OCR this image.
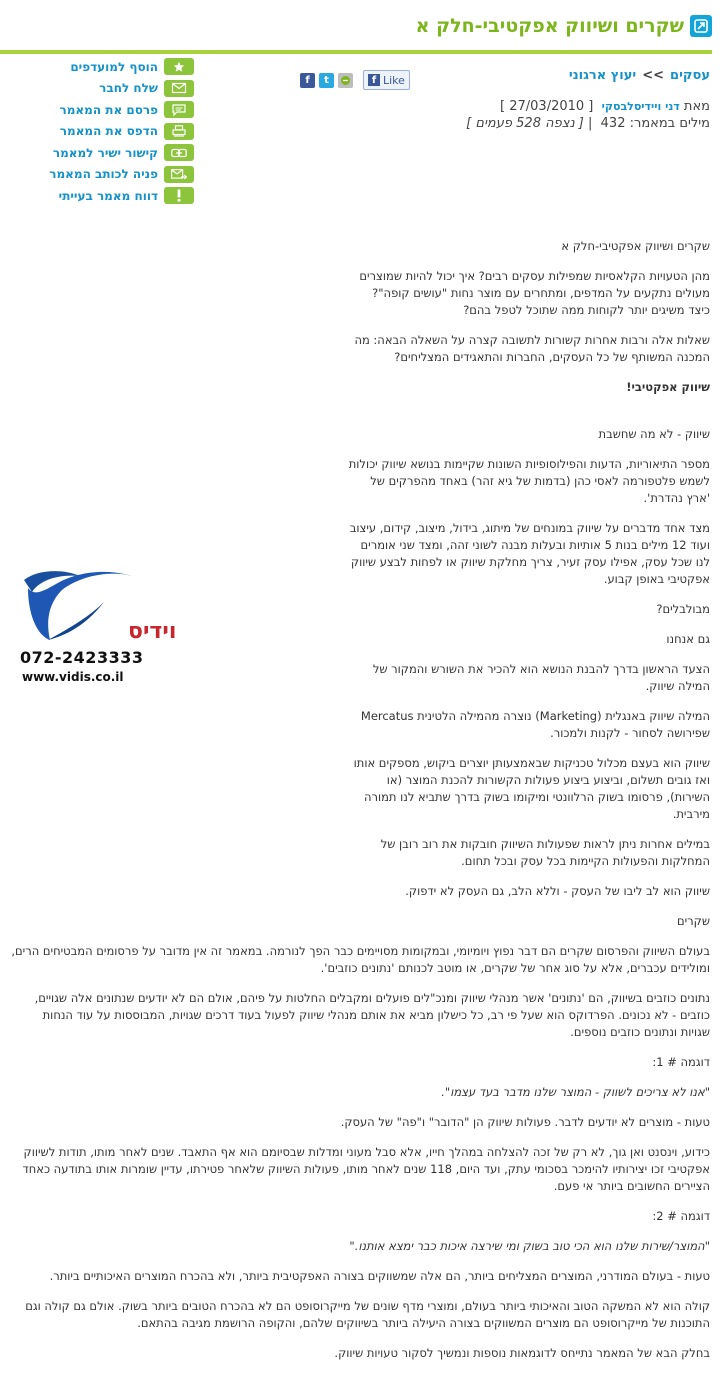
שקרים ושיווק אפקטיבי-חלק א
הוסף למועדפים
שלח לחבר
פרסם את המאמר
הדפס את המאמר
קישור ישיר למאמר
פניה לכותב המאמר
דווח מאמר בעייתי
עסקים>>יעוץ ארגוני
f	t	f Like
מאת דני ויידיסלבסקי  [ 27/03/2010 ]
מילים במאמר: 432  | [ נצפה 528 פעמים ]
וידיס
072-2423333
www.vidis.co.il

שקרים ושיווק אפקטיבי-חלק א

מהן הטעויות הקלאסיות שמפילות עסקים רבים? איך יכול להיות שמוצרים מעולים נתקעים על המדפים, ומתחרים עם מוצר נחות "עושים קופה"? כיצד משיגים יותר לקוחות ממה שתוכל לטפל בהם?

שאלות אלה ורבות אחרות קשורות לתשובה קצרה על השאלה הבאה: מה המכנה המשותף של כל העסקים, החברות והתאגידים המצליחים?

שיווק אפקטיבי!

שיווק - לא מה שחשבת

מספר התיאוריות, הדעות והפילוסופיות השונות שקיימות בנושא שיווק יכולות לשמש פלטפורמה לאסי כהן (בדמות של גיא זהר) באחד מהפרקים של 'ארץ נהדרת'.

מצד אחד מדברים על שיווק במונחים של מיתוג, בידול, מיצוב, קידום, עיצוב ועוד 12 מילים בנות 5 אותיות ובעלות מבנה לשוני זהה, ומצד שני אומרים לנו שכל עסק, אפילו עסק זעיר, צריך מחלקת שיווק או לפחות לבצע שיווק אפקטיבי באופן קבוע.

מבולבלים?

גם אנחנו

הצעד הראשון בדרך להבנת הנושא הוא להכיר את השורש והמקור של המילה שיווק.

המילה שיווק באנגלית (Marketing) נוצרה מהמילה הלטינית Mercatus שפירושה לסחור - לקנות ולמכור.

שיווק הוא בעצם מכלול טכניקות שבאמצעותן יוצרים ביקוש, מספקים אותו ואז גובים תשלום, וביצוע ביצוע פעולות הקשורות להכנת המוצר (או השירות), פרסומו בשוק הרלוונטי ומיקומו בשוק בדרך שתביא לנו תמורה מירבית.

במילים אחרות ניתן לראות שפעולות השיווק חובקות את רוב רובן של המחלקות והפעולות הקיימות בכל עסק ובכל תחום.

שיווק הוא לב ליבו של העסק - וללא הלב, גם העסק לא ידפוק.

שקרים

בעולם השיווק והפרסום שקרים הם דבר נפוץ ויומיומי, ובמקומות מסויימים כבר הפך לנורמה. במאמר זה אין מדובר על פרסומים המבטיחים הרים, ומולידים עכברים, אלא על סוג אחר של שקרים, או מוטב לכנותם 'נתונים כוזבים'.

נתונים כוזבים בשיווק, הם 'נתונים' אשר מנהלי שיווק ומנכ"לים פועלים ומקבלים החלטות על פיהם, אולם הם לא יודעים שנתונים אלה שגויים, כוזבים - לא נכונים. הפרדוקס הוא שעל פי רב, כל כישלון מביא את אותם מנהלי שיווק לפעול בעוד דרכים שגויות, המבוססות על עוד הנחות שגויות ונתונים כוזבים נוספים.

דוגמה # 1:

"אנו לא צריכים לשווק - המוצר שלנו מדבר בעד עצמו".

טעות - מוצרים לא יודעים לדבר. פעולות שיווק הן "הדובר" ו"פה" של העסק.

כידוע, וינסנט ואן גוך, לא רק של זכה להצלחה במהלך חייו, אלא סבל מעוני ומדלות שבסיומם הוא אף התאבד. שנים לאחר מותו, תודות לשיווק אפקטיבי זכו יצירותיו להימכר בסכומי עתק, ועד היום, 118 שנים לאחר מותו, פעולות השיווק שלאחר פטירתו, עדיין שומרות אותו בתודעה כאחד הציירים החשובים ביותר אי פעם.

דוגמה # 2:

"המוצר/שירות שלנו הוא הכי טוב בשוק ומי שירצה איכות כבר ימצא אותנו."

טעות - בעולם המודרני, המוצרים המצליחים ביותר, הם אלה שמשווקים בצורה האפקטיבית ביותר, ולא בהכרח המוצרים האיכותיים ביותר.

קולה הוא לא המשקה הטוב והאיכותי ביותר בעולם, ומוצרי מדף שונים של מייקרוסופט הם לא בהכרח הטובים ביותר בשוק. אולם גם קולה וגם התוכנות של מייקרוסופט הם מוצרים המשווקים בצורה היעילה ביותר בשיווקים שלהם, והקופה הרושמת מגיבה בהתאם.

בחלק הבא של המאמר נתייחס לדוגמאות נוספות ונמשיך לסקור טעויות שיווק.
